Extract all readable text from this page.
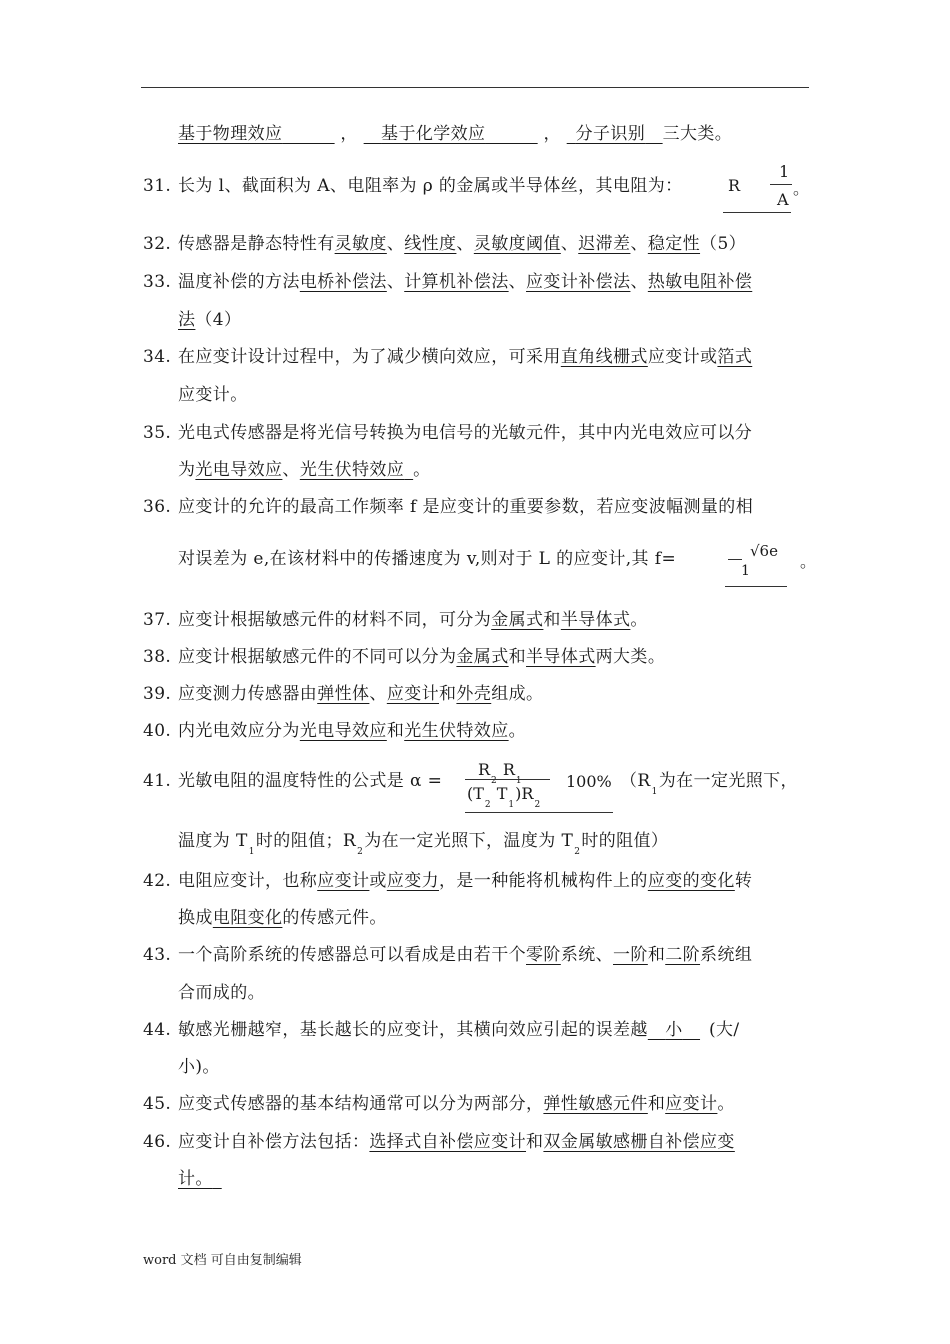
基于物理效应   	，   基于化学效应   	，   分子识别  三大类。
31. 长为 l、截面积为 A、电阻率为 ρ 的金属或半导体丝，其电阻为：	R
1
A
。
32. 传感器是静态特性有灵敏度、线性度、灵敏度阈值、迟滞差、稳定性（5）
33. 温度补偿的方法电桥补偿法、计算机补偿法、应变计补偿法、热敏电阻补偿
法（4）
34. 在应变计设计过程中，为了减少横向效应，可采用直角线栅式应变计或箔式
应变计。
35. 光电式传感器是将光信号转换为电信号的光敏元件，其中内光电效应可以分
为光电导效应、光生伏特效应  。
36. 应变计的允许的最高工作频率 f 是应变计的重要参数，若应变波幅测量的相
对误差为 e,在该材料中的传播速度为 v,则对于 L 的应变计,其 f=	√6e
1	。
37. 应变计根据敏感元件的材料不同，可分为金属式和半导体式。
38. 应变计根据敏感元件的不同可以分为金属式和半导体式两大类。
39. 应变测力传感器由弹性体、应变计和外壳组成。
40. 内光电效应分为光电导效应和光生伏特效应。
41. 光敏电阻的温度特性的公式是 α =
$R_2$ $R_1$
($T_2$ $T_1)R_2$
100% （$R_1$为在一定光照下，
温度为 $T_1$时的阻值；$R_2$为在一定光照下，温度为 $T_2$时的阻值）
42. 电阻应变计，也称应变计或应变力，是一种能将机械构件上的应变的变化转
换成电阻变化的传感元件。
43. 一个高阶系统的传感器总可以看成是由若干个零阶系统、一阶和二阶系统组
合而成的。
44. 敏感光栅越窄，基长越长的应变计，其横向效应引起的误差越  小   (大/
小)。
45. 应变式传感器的基本结构通常可以分为两部分，弹性敏感元件和应变计。
46. 应变计自补偿方法包括：选择式自补偿应变计和双金属敏感栅自补偿应变
计。 
word 文档 可自由复制编辑
